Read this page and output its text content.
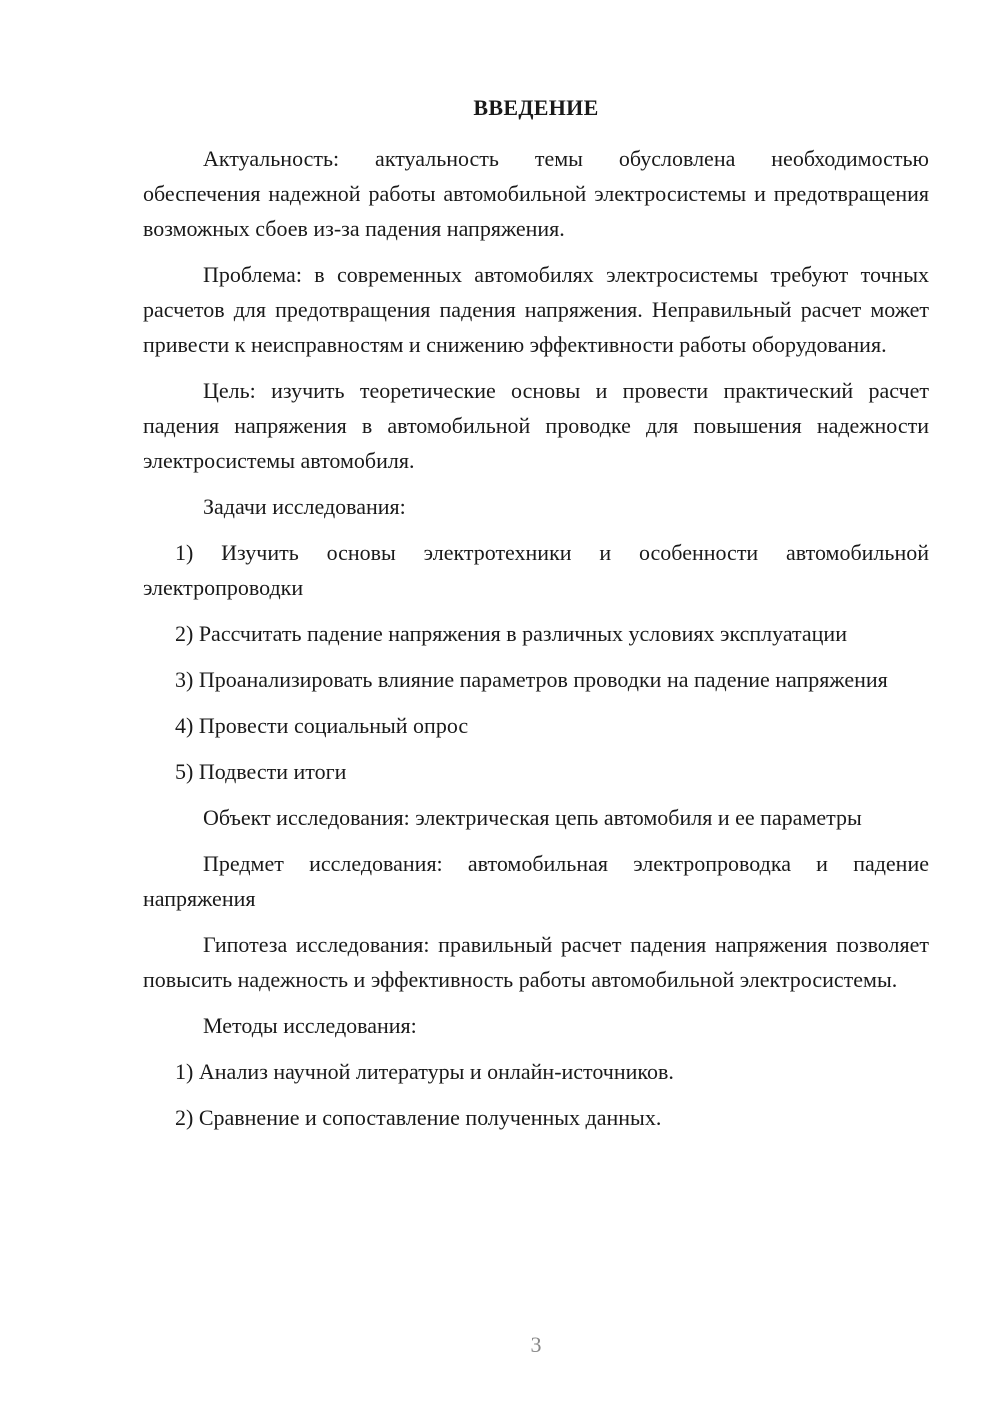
ВВЕДЕНИЕ

Актуальность: актуальность темы обусловлена необходимостью обеспечения надежной работы автомобильной электросистемы и предотвращения возможных сбоев из-за падения напряжения.

Проблема: в современных автомобилях электросистемы требуют точных расчетов для предотвращения падения напряжения. Неправильный расчет может привести к неисправностям и снижению эффективности работы оборудования.

Цель: изучить теоретические основы и провести практический расчет падения напряжения в автомобильной проводке для повышения надежности электросистемы автомобиля.

Задачи исследования:

1) Изучить основы электротехники и особенности автомобильной электропроводки

2) Рассчитать падение напряжения в различных условиях эксплуатации

3) Проанализировать влияние параметров проводки на падение напряжения

4) Провести социальный опрос

5) Подвести итоги

Объект исследования: электрическая цепь автомобиля и ее параметры

Предмет исследования: автомобильная электропроводка и падение напряжения

Гипотеза исследования: правильный расчет падения напряжения позволяет повысить надежность и эффективность работы автомобильной электросистемы.

Методы исследования:

1) Анализ научной литературы и онлайн-источников.

2) Сравнение и сопоставление полученных данных.

3
